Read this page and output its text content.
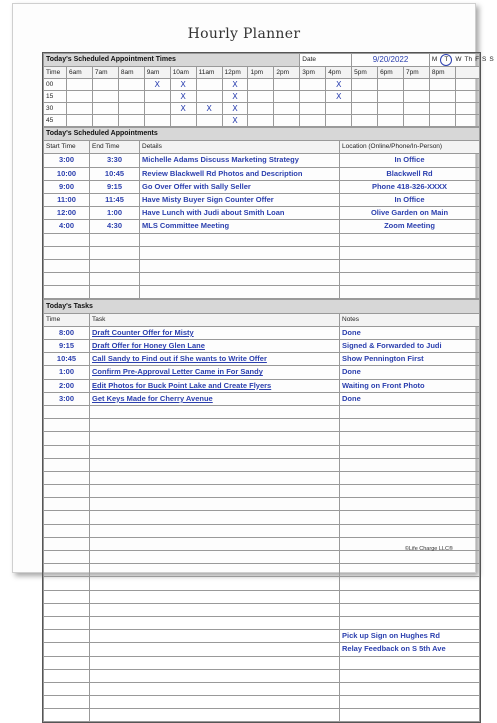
Hourly Planner
Today's Scheduled Appointment Times										Date		9/20/2022			M T W Th F S S	
Time	6am	7am	8am	9am	10am	11am	12pm	1pm	2pm	3pm	4pm	5pm	6pm	7pm	8pm	
00				X	X		X				X					
15					X		X				X					
30					X	X	X									
45							X									
Today's Scheduled Appointments			
Start Time	End Time	Details	Location (Online/Phone/In-Person)
3:00	3:30	Michelle Adams Discuss Marketing Strategy	In Office
10:00	10:45	Review Blackwell Rd Photos and Description	Blackwell Rd
9:00	9:15	Go Over Offer with Sally Seller	Phone 418-326-XXXX
11:00	11:45	Have Misty Buyer Sign Counter Offer	In Office
12:00	1:00	Have Lunch with Judi about Smith Loan	Olive Garden on Main
4:00	4:30	MLS Committee Meeting	Zoom Meeting

Today's Tasks		
Time	Task	Notes
8:00	Draft Counter Offer for Misty	Done
9:15	Draft Offer for Honey Glen Lane	Signed & Forwarded to Judi
10:45	Call Sandy to Find out if She wants to Write Offer	Show Pennington First
1:00	Confirm Pre-Approval Letter Came in For Sandy	Done
2:00	Edit Photos for Buck Point Lake and Create Flyers	Waiting on Front Photo
3:00	Get Keys Made for Cherry Avenue	Done

		Pick up Sign on Hughes Rd
		Relay Feedback on S 5th Ave

©Life Charge LLC®
